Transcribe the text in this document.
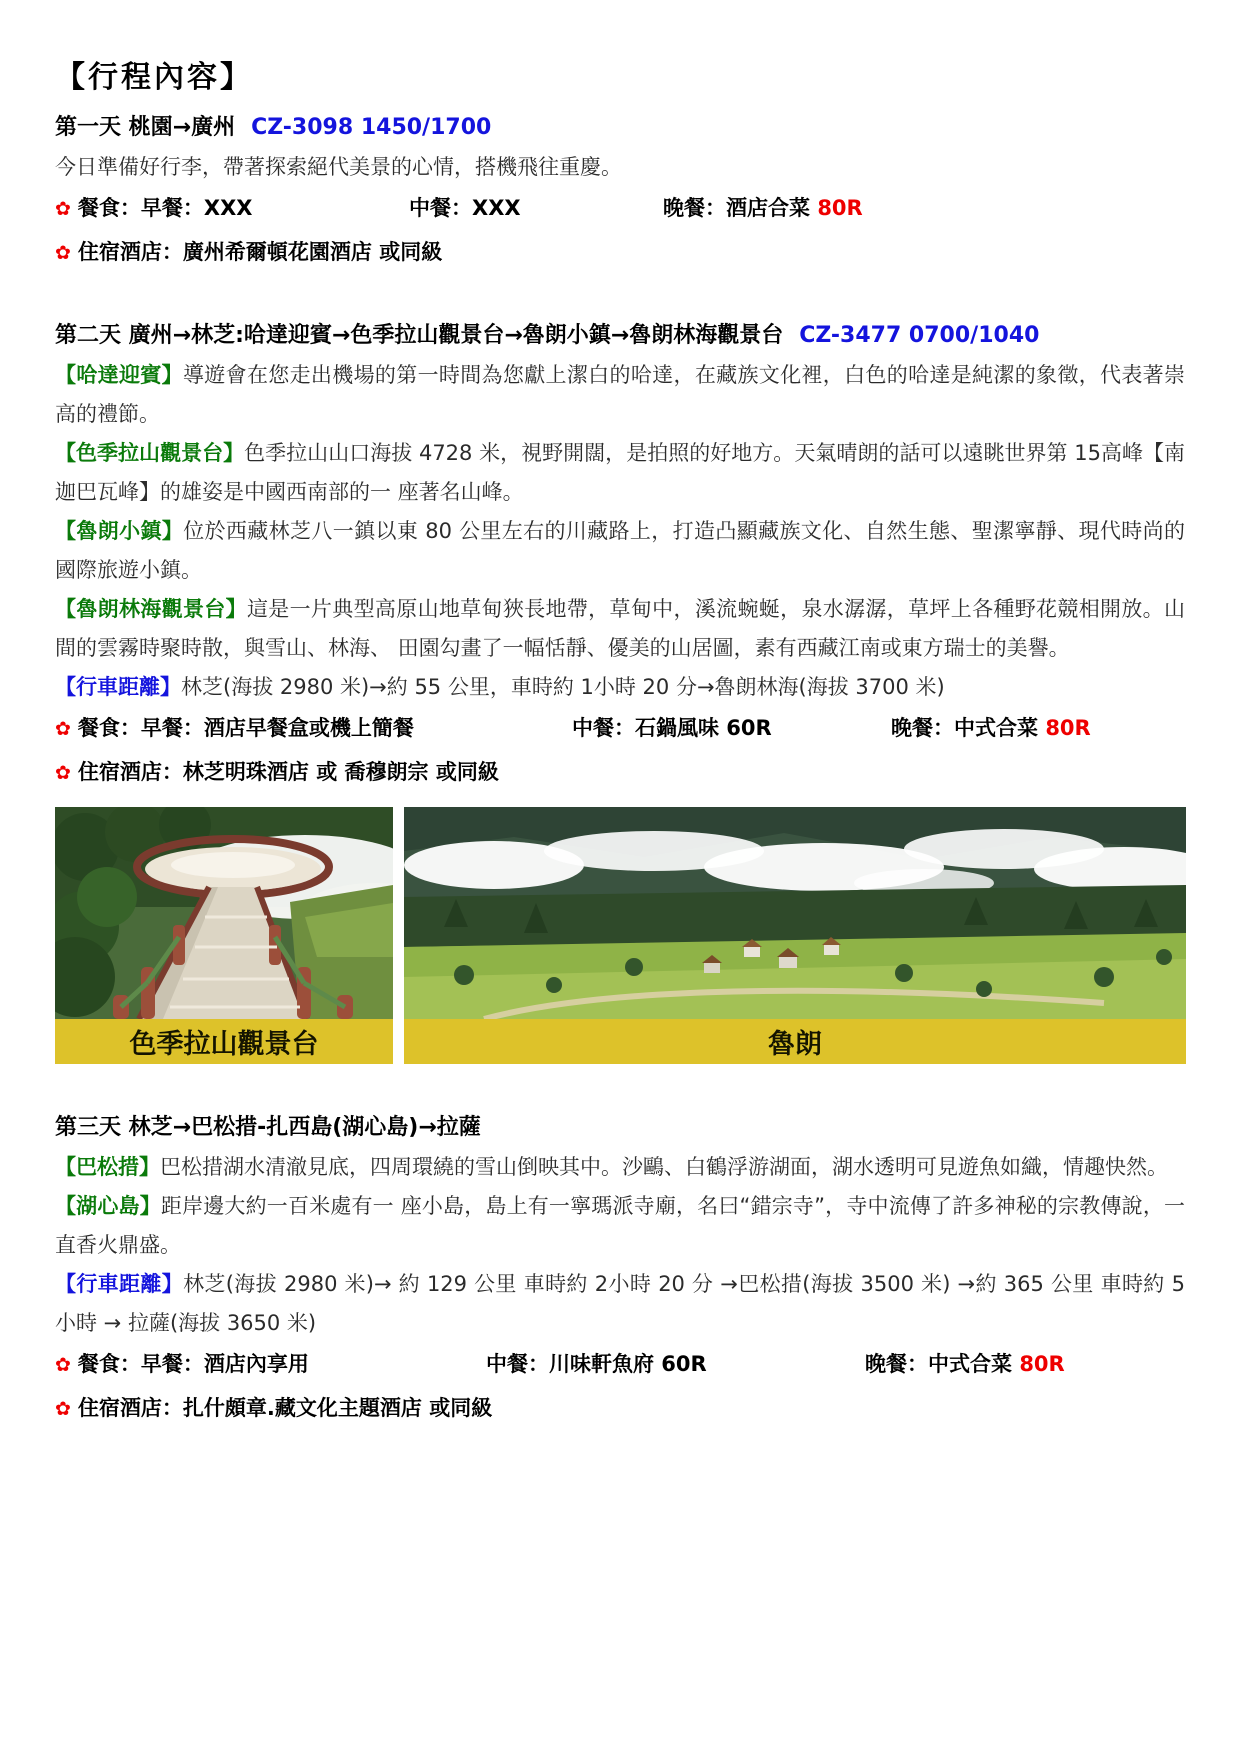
【行程內容】
第一天 桃園→廣州 CZ-3098 1450/1700

今日準備好行李，帶著探索絕代美景的心情，搭機飛往重慶。

✿ 餐食：早餐：XXX	中餐：XXX	晚餐：酒店合菜 80R
✿ 住宿酒店：廣州希爾頓花園酒店 或同級
第二天 廣州→林芝:哈達迎賓→色季拉山觀景台→魯朗小鎮→魯朗林海觀景台 CZ-3477 0700/1040

【哈達迎賓】導遊會在您走出機場的第一時間為您獻上潔白的哈達，在藏族文化裡，白色的哈達是純潔的象徵，代表著崇高的禮節。

【色季拉山觀景台】色季拉山山口海拔 4728 米，視野開闊，是拍照的好地方。天氣晴朗的話可以遠眺世界第 15高峰【南迦巴瓦峰】的雄姿是中國西南部的一 座著名山峰。

【魯朗小鎮】位於西藏林芝八一鎮以東 80 公里左右的川藏路上，打造凸顯藏族文化、自然生態、聖潔寧靜、現代時尚的國際旅遊小鎮。

【魯朗林海觀景台】這是一片典型高原山地草甸狹長地帶，草甸中，溪流蜿蜒，泉水潺潺，草坪上各種野花競相開放。山間的雲霧時聚時散，與雪山、林海、 田園勾畫了一幅恬靜、優美的山居圖，素有西藏江南或東方瑞士的美譽。

【行車距離】林芝(海拔 2980 米)→約 55 公里，車時約 1小時 20 分→魯朗林海(海拔 3700 米)

✿ 餐食：早餐：酒店早餐盒或機上簡餐	中餐：石鍋風味 60R	晚餐：中式合菜 80R
✿ 住宿酒店：林芝明珠酒店 或 喬穆朗宗 或同級
色季拉山觀景台	魯朗
第三天 林芝→巴松措-扎西島(湖心島)→拉薩

【巴松措】巴松措湖水清澈見底，四周環繞的雪山倒映其中。沙鷗、白鶴浮游湖面，湖水透明可見遊魚如織，情趣快然。

【湖心島】距岸邊大約一百米處有一 座小島，島上有一寧瑪派寺廟，名曰“錯宗寺”，寺中流傳了許多神秘的宗教傳說，一直香火鼎盛。

【行車距離】林芝(海拔 2980 米)→ 約 129 公里 車時約 2小時 20 分 →巴松措(海拔 3500 米) →約 365 公里 車時約 5小時 → 拉薩(海拔 3650 米)

✿ 餐食：早餐：酒店內享用	中餐：川味軒魚府 60R	晚餐：中式合菜 80R
✿ 住宿酒店：扎什頗章.藏文化主題酒店 或同級
